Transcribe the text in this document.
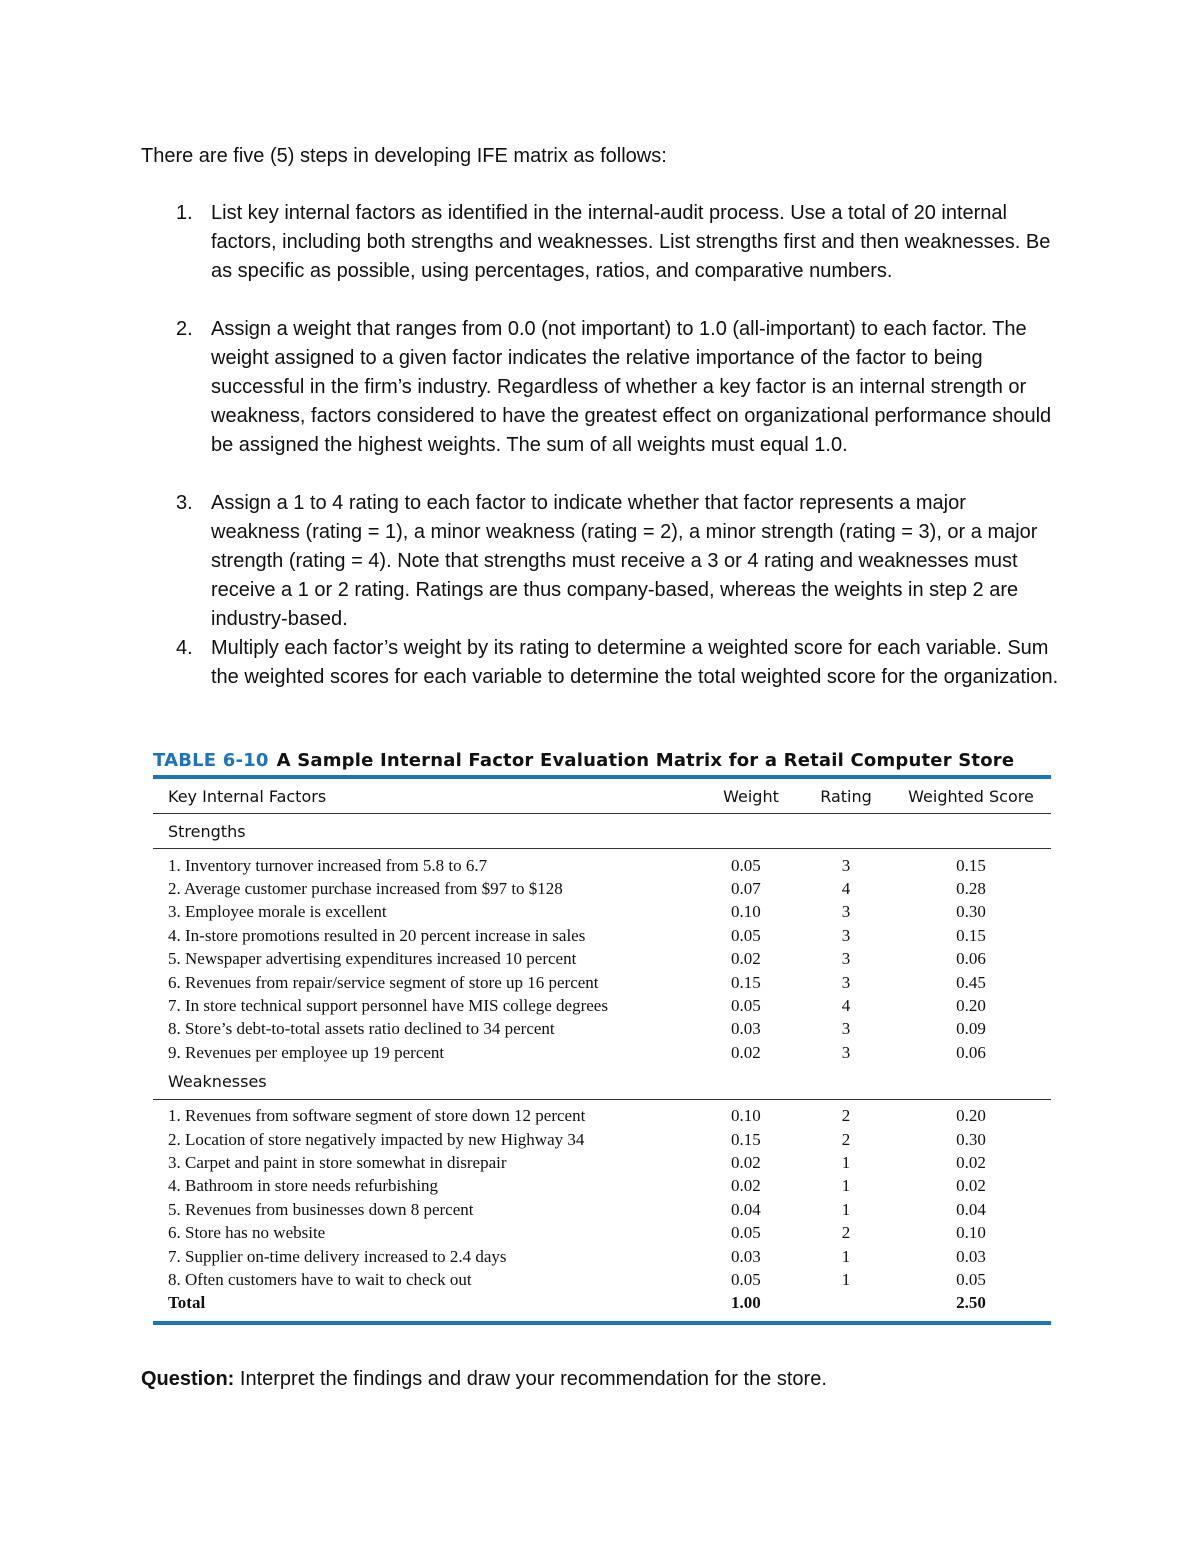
There are five (5) steps in developing IFE matrix as follows:

1. List key internal factors as identified in the internal-audit process. Use a total of 20 internal factors, including both strengths and weaknesses. List strengths first and then weaknesses. Be as specific as possible, using percentages, ratios, and comparative numbers.
2. Assign a weight that ranges from 0.0 (not important) to 1.0 (all-important) to each factor. The weight assigned to a given factor indicates the relative importance of the factor to being successful in the firm’s industry. Regardless of whether a key factor is an internal strength or weakness, factors considered to have the greatest effect on organizational performance should be assigned the highest weights. The sum of all weights must equal 1.0.
3. Assign a 1 to 4 rating to each factor to indicate whether that factor represents a major weakness (rating = 1), a minor weakness (rating = 2), a minor strength (rating = 3), or a major strength (rating = 4). Note that strengths must receive a 3 or 4 rating and weaknesses must receive a 1 or 2 rating. Ratings are thus company-based, whereas the weights in step 2 are industry-based.
4. Multiply each factor’s weight by its rating to determine a weighted score for each variable. Sum the weighted scores for each variable to determine the total weighted score for the organization.
TABLE 6-10 A Sample Internal Factor Evaluation Matrix for a Retail Computer Store
Key Internal Factors	Weight	Rating	Weighted Score
Strengths			

1. Inventory turnover increased from 5.8 to 6.7	0.05	3	0.15
2. Average customer purchase increased from $97 to $128	0.07	4	0.28
3. Employee morale is excellent	0.10	3	0.30
4. In-store promotions resulted in 20 percent increase in sales	0.05	3	0.15
5. Newspaper advertising expenditures increased 10 percent	0.02	3	0.06
6. Revenues from repair/service segment of store up 16 percent	0.15	3	0.45
7. In store technical support personnel have MIS college degrees	0.05	4	0.20
8. Store’s debt-to-total assets ratio declined to 34 percent	0.03	3	0.09
9. Revenues per employee up 19 percent	0.02	3	0.06
Weaknesses			

1. Revenues from software segment of store down 12 percent	0.10	2	0.20
2. Location of store negatively impacted by new Highway 34	0.15	2	0.30
3. Carpet and paint in store somewhat in disrepair	0.02	1	0.02
4. Bathroom in store needs refurbishing	0.02	1	0.02
5. Revenues from businesses down 8 percent	0.04	1	0.04
6. Store has no website	0.05	2	0.10
7. Supplier on-time delivery increased to 2.4 days	0.03	1	0.03
8. Often customers have to wait to check out	0.05	1	0.05
Total	1.00		2.50

Question: Interpret the findings and draw your recommendation for the store.
